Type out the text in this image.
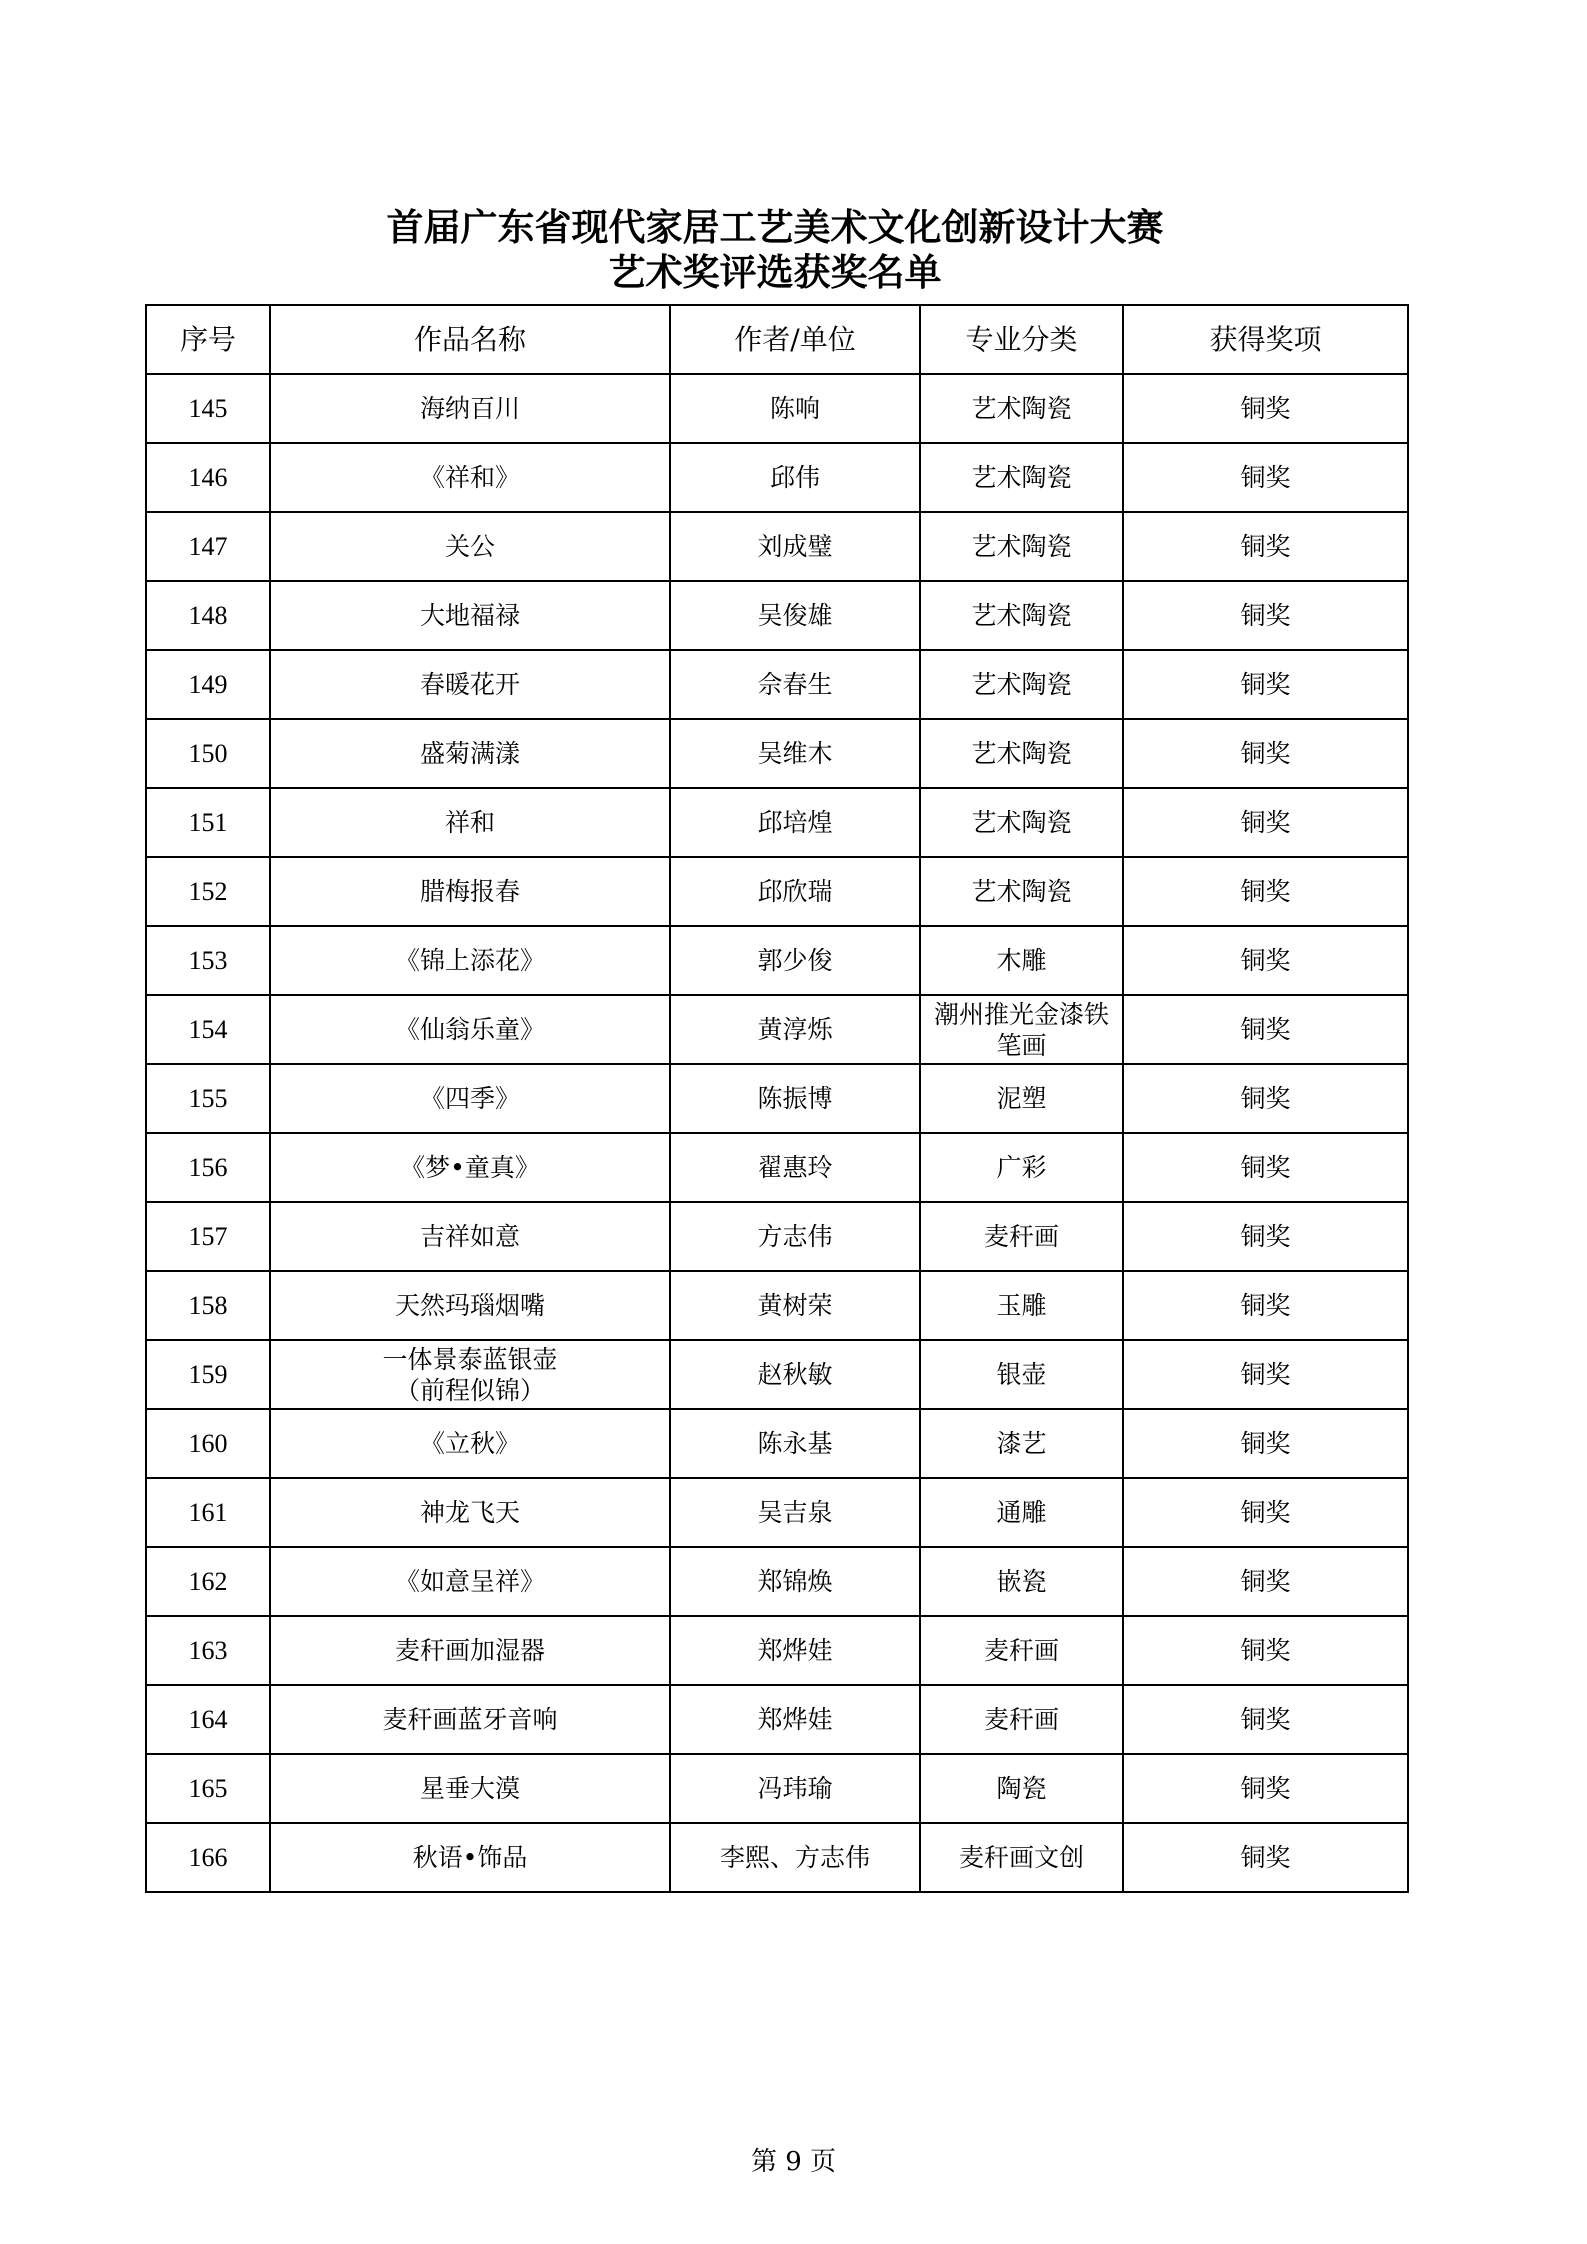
首届广东省现代家居工艺美术文化创新设计大赛
艺术奖评选获奖名单
序号	作品名称	作者/单位	专业分类	获得奖项
145	海纳百川	陈响	艺术陶瓷	铜奖
146	《祥和》	邱伟	艺术陶瓷	铜奖
147	关公	刘成璧	艺术陶瓷	铜奖
148	大地福禄	吴俊雄	艺术陶瓷	铜奖
149	春暖花开	佘春生	艺术陶瓷	铜奖
150	盛菊满漾	吴维木	艺术陶瓷	铜奖
151	祥和	邱培煌	艺术陶瓷	铜奖
152	腊梅报春	邱欣瑞	艺术陶瓷	铜奖
153	《锦上添花》	郭少俊	木雕	铜奖
154	《仙翁乐童》	黄淳烁	潮州推光金漆铁
笔画	铜奖
155	《四季》	陈振博	泥塑	铜奖
156	《梦•童真》	翟惠玲	广彩	铜奖
157	吉祥如意	方志伟	麦秆画	铜奖
158	天然玛瑙烟嘴	黄树荣	玉雕	铜奖
159	一体景泰蓝银壶
（前程似锦）	赵秋敏	银壶	铜奖
160	《立秋》	陈永基	漆艺	铜奖
161	神龙飞天	吴吉泉	通雕	铜奖
162	《如意呈祥》	郑锦焕	嵌瓷	铜奖
163	麦秆画加湿器	郑烨娃	麦秆画	铜奖
164	麦秆画蓝牙音响	郑烨娃	麦秆画	铜奖
165	星垂大漠	冯玮瑜	陶瓷	铜奖
166	秋语•饰品	李熙、方志伟	麦秆画文创	铜奖
第 9 页
